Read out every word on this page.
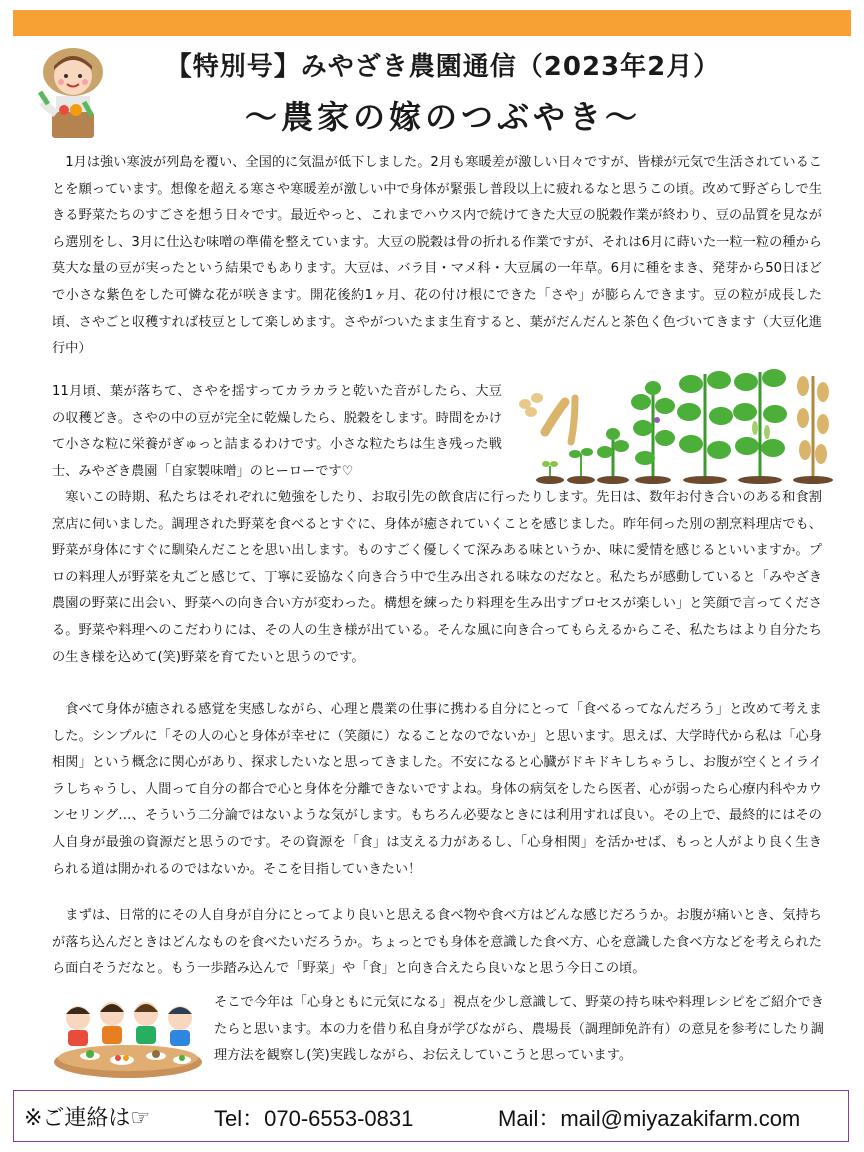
【特別号】みやざき農園通信（2023年2月）
～農家の嫁のつぶやき～
　1月は強い寒波が列島を覆い、全国的に気温が低下しました。2月も寒暖差が激しい日々ですが、皆様が元気で生活されていることを願っています。想像を超える寒さや寒暖差が激しい中で身体が緊張し普段以上に疲れるなと思うこの頃。改めて野ざらしで生きる野菜たちのすごさを想う日々です。最近やっと、これまでハウス内で続けてきた大豆の脱穀作業が終わり、豆の品質を見ながら選別をし、3月に仕込む味噌の準備を整えています。大豆の脱穀は骨の折れる作業ですが、それは6月に蒔いた一粒一粒の種から莫大な量の豆が実ったという結果でもあります。大豆は、バラ目・マメ科・大豆属の一年草。6月に種をまき、発芽から50日ほどで小さな紫色をした可憐な花が咲きます。開花後約1ヶ月、花の付け根にできた「さや」が膨らんできます。豆の粒が成長した頃、さやごと収穫すれば枝豆として楽しめます。さやがついたまま生育すると、葉がだんだんと茶色く色づいてきます（大豆化進行中）
11月頃、葉が落ちて、さやを揺すってカラカラと乾いた音がしたら、大豆の収穫どき。さやの中の豆が完全に乾燥したら、脱穀をします。時間をかけて小さな粒に栄養がぎゅっと詰まるわけです。小さな粒たちは生き残った戦士、みやざき農園「自家製味噌」のヒーローです♡
　寒いこの時期、私たちはそれぞれに勉強をしたり、お取引先の飲食店に行ったりします。先日は、数年お付き合いのある和食割烹店に伺いました。調理された野菜を食べるとすぐに、身体が癒されていくことを感じました。昨年伺った別の割烹料理店でも、野菜が身体にすぐに馴染んだことを思い出します。ものすごく優しくて深みある味というか、味に愛情を感じるといいますか。プロの料理人が野菜を丸ごと感じて、丁寧に妥協なく向き合う中で生み出される味なのだなと。私たちが感動していると「みやざき農園の野菜に出会い、野菜への向き合い方が変わった。構想を練ったり料理を生み出すプロセスが楽しい」と笑顔で言ってくださる。野菜や料理へのこだわりには、その人の生き様が出ている。そんな風に向き合ってもらえるからこそ、私たちはより自分たちの生き様を込めて(笑)野菜を育てたいと思うのです。
　食べて身体が癒される感覚を実感しながら、心理と農業の仕事に携わる自分にとって「食べるってなんだろう」と改めて考えました。シンプルに「その人の心と身体が幸せに（笑顔に）なることなのでないか」と思います。思えば、大学時代から私は「心身相関」という概念に関心があり、探求したいなと思ってきました。不安になると心臓がドキドキしちゃうし、お腹が空くとイライラしちゃうし、人間って自分の都合で心と身体を分離できないですよね。身体の病気をしたら医者、心が弱ったら心療内科やカウンセリング…、そういう二分論ではないような気がします。もちろん必要なときには利用すれば良い。その上で、最終的にはその人自身が最強の資源だと思うのです。その資源を「食」は支える力があるし、「心身相関」を活かせば、もっと人がより良く生きられる道は開かれるのではないか。そこを目指していきたい！
　まずは、日常的にその人自身が自分にとってより良いと思える食べ物や食べ方はどんな感じだろうか。お腹が痛いとき、気持ちが落ち込んだときはどんなものを食べたいだろうか。ちょっとでも身体を意識した食べ方、心を意識した食べ方などを考えられたら面白そうだなと。もう一歩踏み込んで「野菜」や「食」と向き合えたら良いなと思う今日この頃。
そこで今年は「心身ともに元気になる」視点を少し意識して、野菜の持ち味や料理レシピをご紹介できたらと思います。本の力を借り私自身が学びながら、農場長（調理師免許有）の意見を参考にしたり調理方法を観察し(笑)実践しながら、お伝えしていこうと思っています。
※ご連絡は☞	Tel：070-6553-0831	Mail：mail@miyazakifarm.com
